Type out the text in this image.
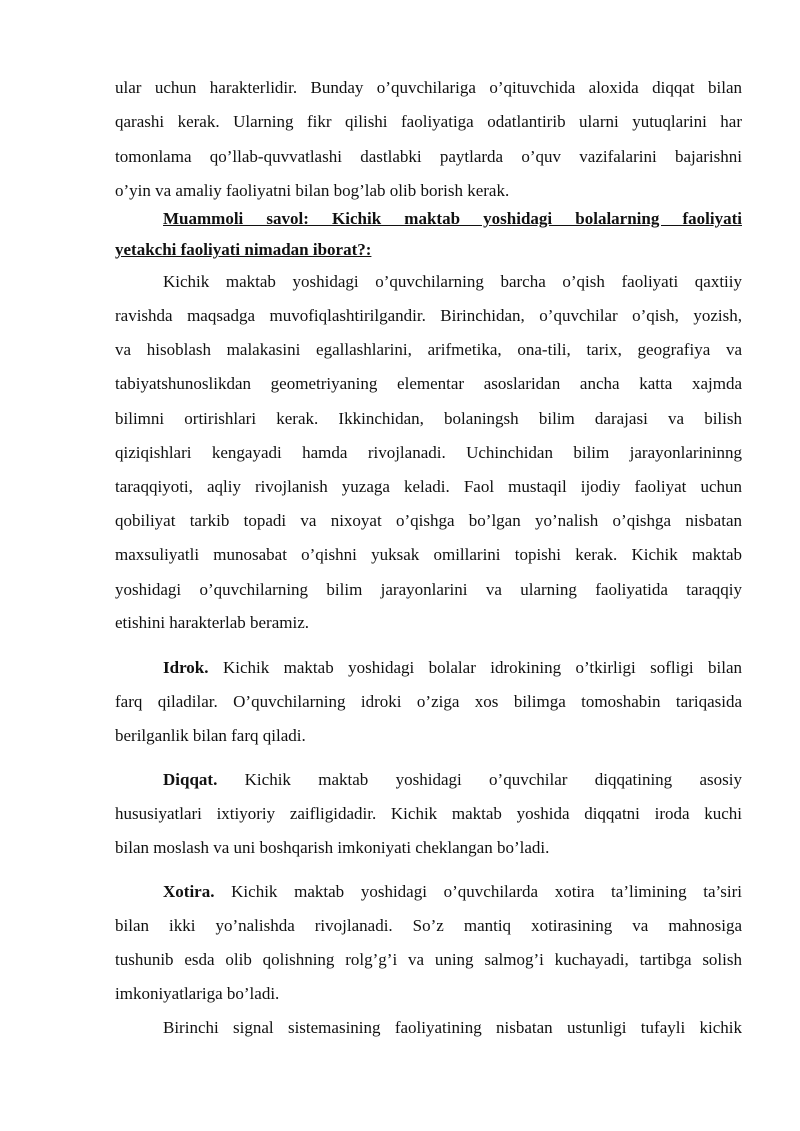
ular uchun harakterlidir. Bunday o’quvchilariga o’qituvchida aloxida diqqat bilan
qarashi kerak. Ularning fikr qilishi faoliyatiga odatlantirib ularni yutuqlarini har
tomonlama qo’llab-quvvatlashi dastlabki paytlarda o’quv vazifalarini bajarishni
o’yin va amaliy faoliyatni bilan bog’lab olib borish kerak.
Muammoli savol: Kichik maktab yoshidagi bolalarning faoliyati
yetakchi faoliyati nimadan iborat?:
Kichik maktab yoshidagi o’quvchilarning barcha o’qish faoliyati qaxtiiy
ravishda maqsadga muvofiqlashtirilgandir. Birinchidan, o’quvchilar o’qish, yozish,
va hisoblash malakasini egallashlarini, arifmetika, ona-tili, tarix, geografiya va
tabiyatshunoslikdan geometriyaning elementar asoslaridan ancha katta xajmda
bilimni ortirishlari kerak. Ikkinchidan, bolaningsh bilim darajasi va bilish
qiziqishlari kengayadi hamda rivojlanadi. Uchinchidan bilim jarayonlarininng
taraqqiyoti, aqliy rivojlanish yuzaga keladi. Faol mustaqil ijodiy faoliyat uchun
qobiliyat tarkib topadi va nixoyat o’qishga bo’lgan yo’nalish o’qishga nisbatan
maxsuliyatli munosabat o’qishni yuksak omillarini topishi kerak. Kichik maktab
yoshidagi o’quvchilarning bilim jarayonlarini va ularning faoliyatida taraqqiy
etishini harakterlab beramiz.
Idrok. Kichik maktab yoshidagi bolalar idrokining o’tkirligi sofligi bilan
farq qiladilar. O’quvchilarning idroki o’ziga xos bilimga tomoshabin tariqasida
berilganlik bilan farq qiladi.
Diqqat. Kichik maktab yoshidagi o’quvchilar diqqatining asosiy
hususiyatlari ixtiyoriy zaifligidadir. Kichik maktab yoshida diqqatni iroda kuchi
bilan moslash va uni boshqarish imkoniyati cheklangan bo’ladi.
Xotira. Kichik maktab yoshidagi o’quvchilarda xotira ta’limining ta’siri
bilan ikki yo’nalishda rivojlanadi. So’z mantiq xotirasining va mahnosiga
tushunib esda olib qolishning rolg’g’i va uning salmog’i kuchayadi, tartibga solish
imkoniyatlariga bo’ladi.
Birinchi signal sistemasining faoliyatining nisbatan ustunligi tufayli kichik
